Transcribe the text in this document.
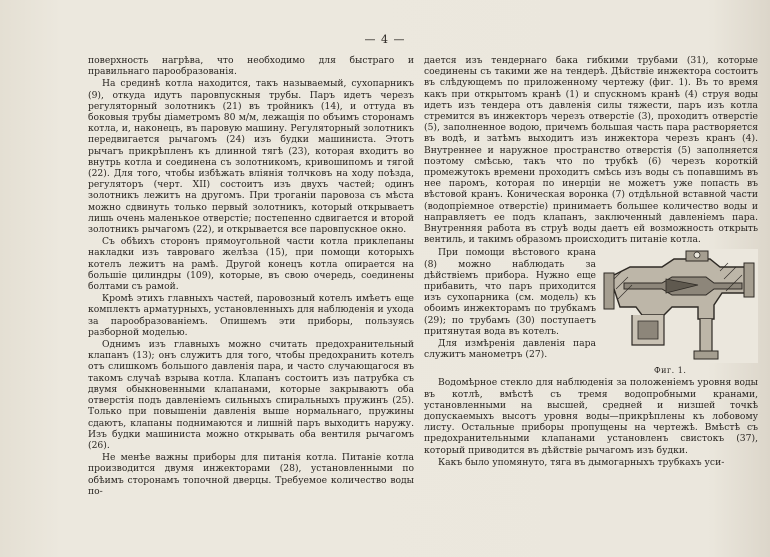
— 4 —

поверхность нагрѣва, что необходимо для быстраго и правильнаго парообразованія.

На срединѣ котла находится, такъ называемый, сухопарникъ (9), откуда идутъ паровпускныя трубы. Паръ идетъ черезъ регуляторный золотникъ (21) въ тройникъ (14), и оттуда въ боковыя трубы діаметромъ 80 м/м, лежащія по объимъ сторонамъ котла, и, наконецъ, въ паровую машину. Регуляторный золотникъ передвигается рычагомъ (24) изъ будки машиниста. Этотъ рычагъ прикрѣпленъ къ длинной тягѣ (23), которая входитъ во внутрь котла и соединена съ золотникомъ, кривошипомъ и тягой (22). Для того, чтобы избѣжать вліянія толчковъ на ходу поѣзда, регуляторъ (черт. XII) состоитъ изъ двухъ частей; одинъ золотникъ лежитъ на другомъ. При троганіи паровоза съ мѣста можно сдвинуть только первый золотникъ, который открываетъ лишь очень маленькое отверстіе; постепенно сдвигается и второй золотникъ рычагомъ (22), и открывается все паровпускное окно.

Съ обѣихъ сторонъ прямоугольной части котла приклепаны накладки изъ тавроваго желѣза (15), при помощи которыхъ котелъ лежитъ на рамѣ. Другой конецъ котла опирается на большіе цилиндры (109), которые, въ свою очередь, соединены болтами съ рамой.

Кромѣ этихъ главныхъ частей, паровозный котелъ имѣетъ еще комплектъ арматурныхъ, установленныхъ для наблюденія и ухода за парообразованіемъ. Опишемъ эти приборы, пользуясь разборной моделью.

Однимъ изъ главныхъ можно считать предохранительный клапанъ (13); онъ служитъ для того, чтобы предохранить котелъ отъ слишкомъ большого давленія пара, и часто случающагося въ такомъ случаѣ взрыва котла. Клапанъ состоитъ изъ патрубка съ двумя обыкновенными клапанами, которые закрываютъ оба отверстія подъ давленіемъ сильныхъ спиральныхъ пружинъ (25). Только при повышеніи давленія выше нормальнаго, пружины сдаютъ, клапаны поднимаются и лишній паръ выходитъ наружу. Изъ будки машиниста можно открывать оба вентиля рычагомъ (26).

Не менѣе важны приборы для питанія котла. Питаніе котла производится двумя инжекторами (28), установленными по обѣимъ сторонамъ топочной дверцы. Требуемое количество воды по-

дается изъ тендернаго бака гибкими трубами (31), которые соединены съ такими же на тендерѣ. Дѣйствіе инжектора состоитъ въ слѣдующемъ по приложенному чертежу (фиг. 1). Въ то время какъ при открытомъ кранѣ (1) и спускномъ кранѣ (4) струя воды идетъ изъ тендера отъ давленія силы тяжести, паръ изъ котла стремится въ инжекторъ черезъ отверстіе (3), проходитъ отверстіе (5), заполненное водою, причемъ большая часть пара растворяется въ водѣ, и затѣмъ выходитъ изъ инжектора черезъ кранъ (4). Внутреннее и наружное пространство отверстія (5) заполняется поэтому смѣсью, такъ что по трубкѣ (6) черезъ короткій промежутокъ времени проходитъ смѣсь изъ воды съ попавшимъ въ нее паромъ, которая по инерціи не можетъ уже попасть въ вѣстовой кранъ. Коническая воронка (7) отдѣльной вставной части (водопріемное отверстіе) принимаетъ большее количество воды и направляетъ ее подъ клапанъ, заключенный давленіемъ пара. Внутренняя работа въ струѣ воды даетъ ей возможность открыть вентиль, и такимъ образомъ происходитъ питаніе котла.

При помощи вѣстового крана (8) можно наблюдать за дѣйствіемъ прибора. Нужно еще прибавить, что паръ приходится изъ сухопарника (см. модель) къ обоимъ инжекторамъ по трубкамъ (29); по трубамъ (30) поступаетъ притянутая вода въ котелъ.

Для измѣренія давленія пара служитъ манометръ (27).

Фиг. 1.

Водомѣрное стекло для наблюденія за положеніемъ уровня воды въ котлѣ, вмѣстѣ съ тремя водопробными кранами, установленными на высшей, средней и низшей точкѣ допускаемыхъ высотъ уровня воды—прикрѣплены къ лобовому листу. Остальные приборы пропущены на чертежѣ. Вмѣстѣ съ предохранительными клапанами установленъ свистокъ (37), который приводится въ дѣйствіе рычагомъ изъ будки.

Какъ было упомянуто, тяга въ дымогарныхъ трубкахъ уси-
